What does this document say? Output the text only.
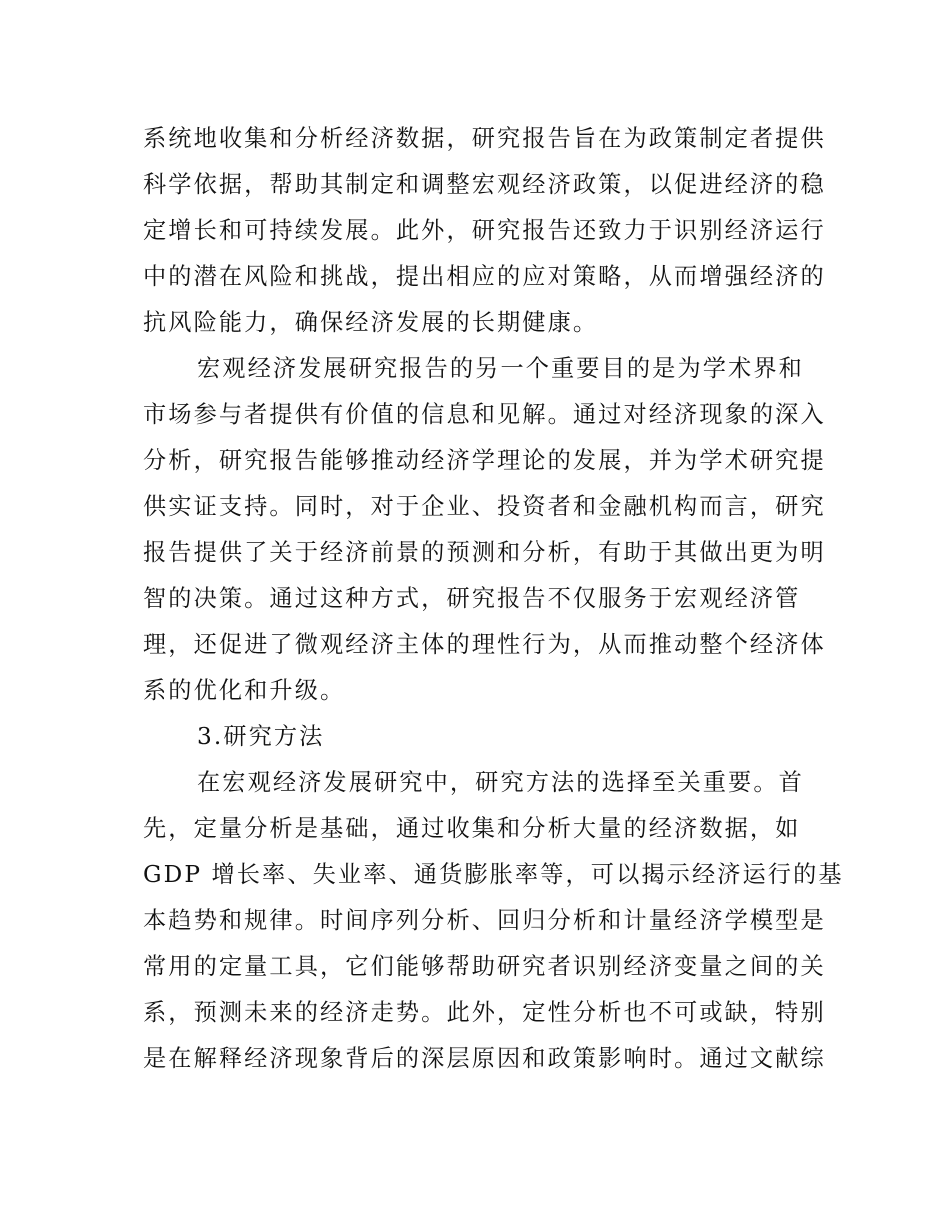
系统地收集和分析经济数据，研究报告旨在为政策制定者提供
科学依据，帮助其制定和调整宏观经济政策，以促进经济的稳
定增长和可持续发展。此外，研究报告还致力于识别经济运行
中的潜在风险和挑战，提出相应的应对策略，从而增强经济的
抗风险能力，确保经济发展的长期健康。
宏观经济发展研究报告的另一个重要目的是为学术界和
市场参与者提供有价值的信息和见解。通过对经济现象的深入
分析，研究报告能够推动经济学理论的发展，并为学术研究提
供实证支持。同时，对于企业、投资者和金融机构而言，研究
报告提供了关于经济前景的预测和分析，有助于其做出更为明
智的决策。通过这种方式，研究报告不仅服务于宏观经济管
理，还促进了微观经济主体的理性行为，从而推动整个经济体
系的优化和升级。
3.研究方法
在宏观经济发展研究中，研究方法的选择至关重要。首
先，定量分析是基础，通过收集和分析大量的经济数据，如
GDP 增长率、失业率、通货膨胀率等，可以揭示经济运行的基
本趋势和规律。时间序列分析、回归分析和计量经济学模型是
常用的定量工具，它们能够帮助研究者识别经济变量之间的关
系，预测未来的经济走势。此外，定性分析也不可或缺，特别
是在解释经济现象背后的深层原因和政策影响时。通过文献综
